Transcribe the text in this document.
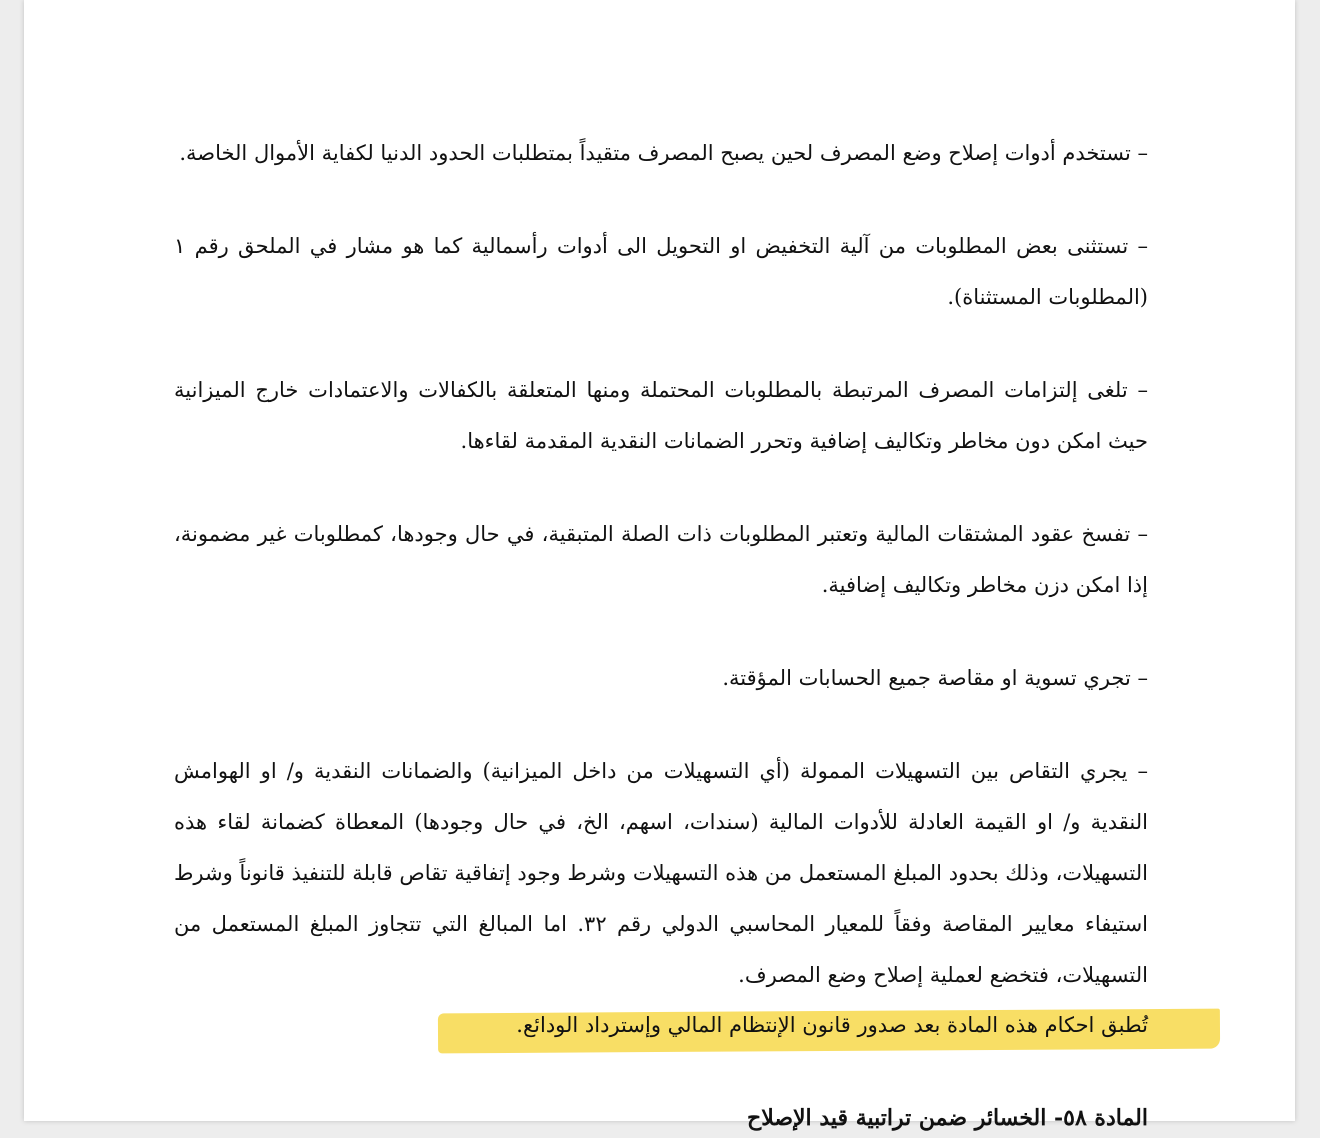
– تستخدم أدوات إصلاح وضع المصرف لحين يصبح المصرف متقيداً بمتطلبات الحدود الدنيا لكفاية الأموال الخاصة.

– تستثنى بعض المطلوبات من آلية التخفيض او التحويل الى أدوات رأسمالية كما هو مشار في الملحق رقم ١ (المطلوبات المستثناة).

– تلغى إلتزامات المصرف المرتبطة بالمطلوبات المحتملة ومنها المتعلقة بالكفالات والاعتمادات خارج الميزانية حيث امكن دون مخاطر وتكاليف إضافية وتحرر الضمانات النقدية المقدمة لقاءها.

– تفسخ عقود المشتقات المالية وتعتبر المطلوبات ذات الصلة المتبقية، في حال وجودها، كمطلوبات غير مضمونة، إذا امكن دزن مخاطر وتكاليف إضافية.

– تجري تسوية او مقاصة جميع الحسابات المؤقتة.

– يجري التقاص بين التسهيلات الممولة (أي التسهيلات من داخل الميزانية) والضمانات النقدية و/ او الهوامش النقدية و/ او القيمة العادلة للأدوات المالية (سندات، اسهم، الخ، في حال وجودها) المعطاة كضمانة لقاء هذه التسهيلات، وذلك بحدود المبلغ المستعمل من هذه التسهيلات وشرط وجود إتفاقية تقاص قابلة للتنفيذ قانوناً وشرط استيفاء معايير المقاصة وفقاً للمعيار المحاسبي الدولي رقم ٣٢. اما المبالغ التي تتجاوز المبلغ المستعمل من التسهيلات، فتخضع لعملية إصلاح وضع المصرف.

تُطبق احكام هذه المادة بعد صدور قانون الإنتظام المالي وإسترداد الودائع.
المادة ٥٨- الخسائر ضمن تراتبية قيد الإصلاح
